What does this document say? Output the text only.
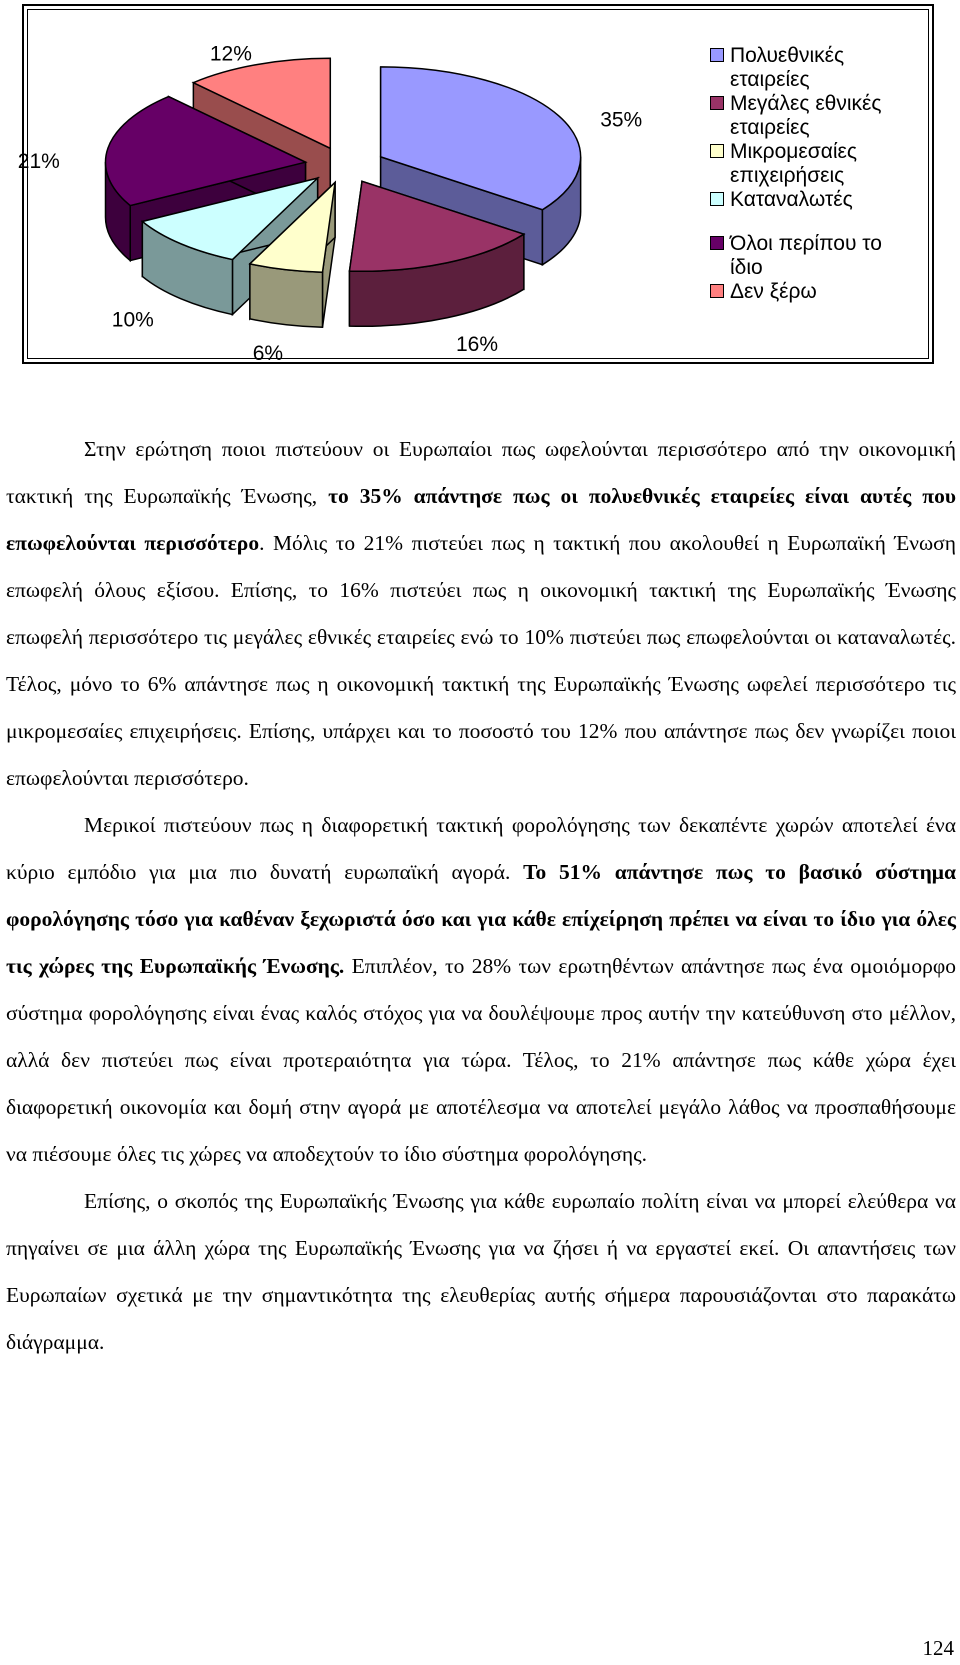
35%
16%
6%
10%
21%
12%	Πολυεθνικές
εταιρείες
Μεγάλες εθνικές
εταιρείες
Μικρομεσαίες
επιχειρήσεις
Καταναλωτές
Όλοι περίπου το
ίδιο
Δεν ξέρω

Στην ερώτηση ποιοι πιστεύουν οι Ευρωπαίοι πως ωφελούνται περισσότερο από την οικονομική τακτική της Ευρωπαϊκής Ένωσης, το 35% απάντησε πως οι πολυεθνικές εταιρείες είναι αυτές που επωφελούνται περισσότερο. Μόλις το 21% πιστεύει πως η τακτική που ακολουθεί η Ευρωπαϊκή Ένωση επωφελή όλους εξίσου. Επίσης, το 16% πιστεύει πως η οικονομική τακτική της Ευρωπαϊκής Ένωσης επωφελή περισσότερο τις μεγάλες εθνικές εταιρείες ενώ το 10% πιστεύει πως επωφελούνται οι καταναλωτές. Τέλος, μόνο το 6% απάντησε πως η οικονομική τακτική της Ευρωπαϊκής Ένωσης ωφελεί περισσότερο τις μικρομεσαίες επιχειρήσεις. Επίσης, υπάρχει και το ποσοστό του 12% που απάντησε πως δεν γνωρίζει ποιοι επωφελούνται περισσότερο.

Μερικοί πιστεύουν πως η διαφορετική τακτική φορολόγησης των δεκαπέντε χωρών αποτελεί ένα κύριο εμπόδιο για μια πιο δυνατή ευρωπαϊκή αγορά. Το 51% απάντησε πως το βασικό σύστημα φορολόγησης τόσο για καθέναν ξεχωριστά όσο και για κάθε επίχείρηση πρέπει να είναι το ίδιο για όλες τις χώρες της Ευρωπαϊκής Ένωσης. Επιπλέον, το 28% των ερωτηθέντων απάντησε πως ένα ομοιόμορφο σύστημα φορολόγησης είναι ένας καλός στόχος για να δουλέψουμε προς αυτήν την κατεύθυνση στο μέλλον, αλλά δεν πιστεύει πως είναι προτεραιότητα για τώρα. Τέλος, το 21% απάντησε πως κάθε χώρα έχει διαφορετική οικονομία και δομή στην αγορά με αποτέλεσμα να αποτελεί μεγάλο λάθος να προσπαθήσουμε να πιέσουμε όλες τις χώρες να αποδεχτούν το ίδιο σύστημα φορολόγησης.

Επίσης, ο σκοπός της Ευρωπαϊκής Ένωσης για κάθε ευρωπαίο πολίτη είναι να μπορεί ελεύθερα να πηγαίνει σε μια άλλη χώρα της Ευρωπαϊκής Ένωσης για να ζήσει ή να εργαστεί εκεί. Οι απαντήσεις των Ευρωπαίων σχετικά με την σημαντικότητα της ελευθερίας αυτής σήμερα παρουσιάζονται στο παρακάτω διάγραμμα.

124
